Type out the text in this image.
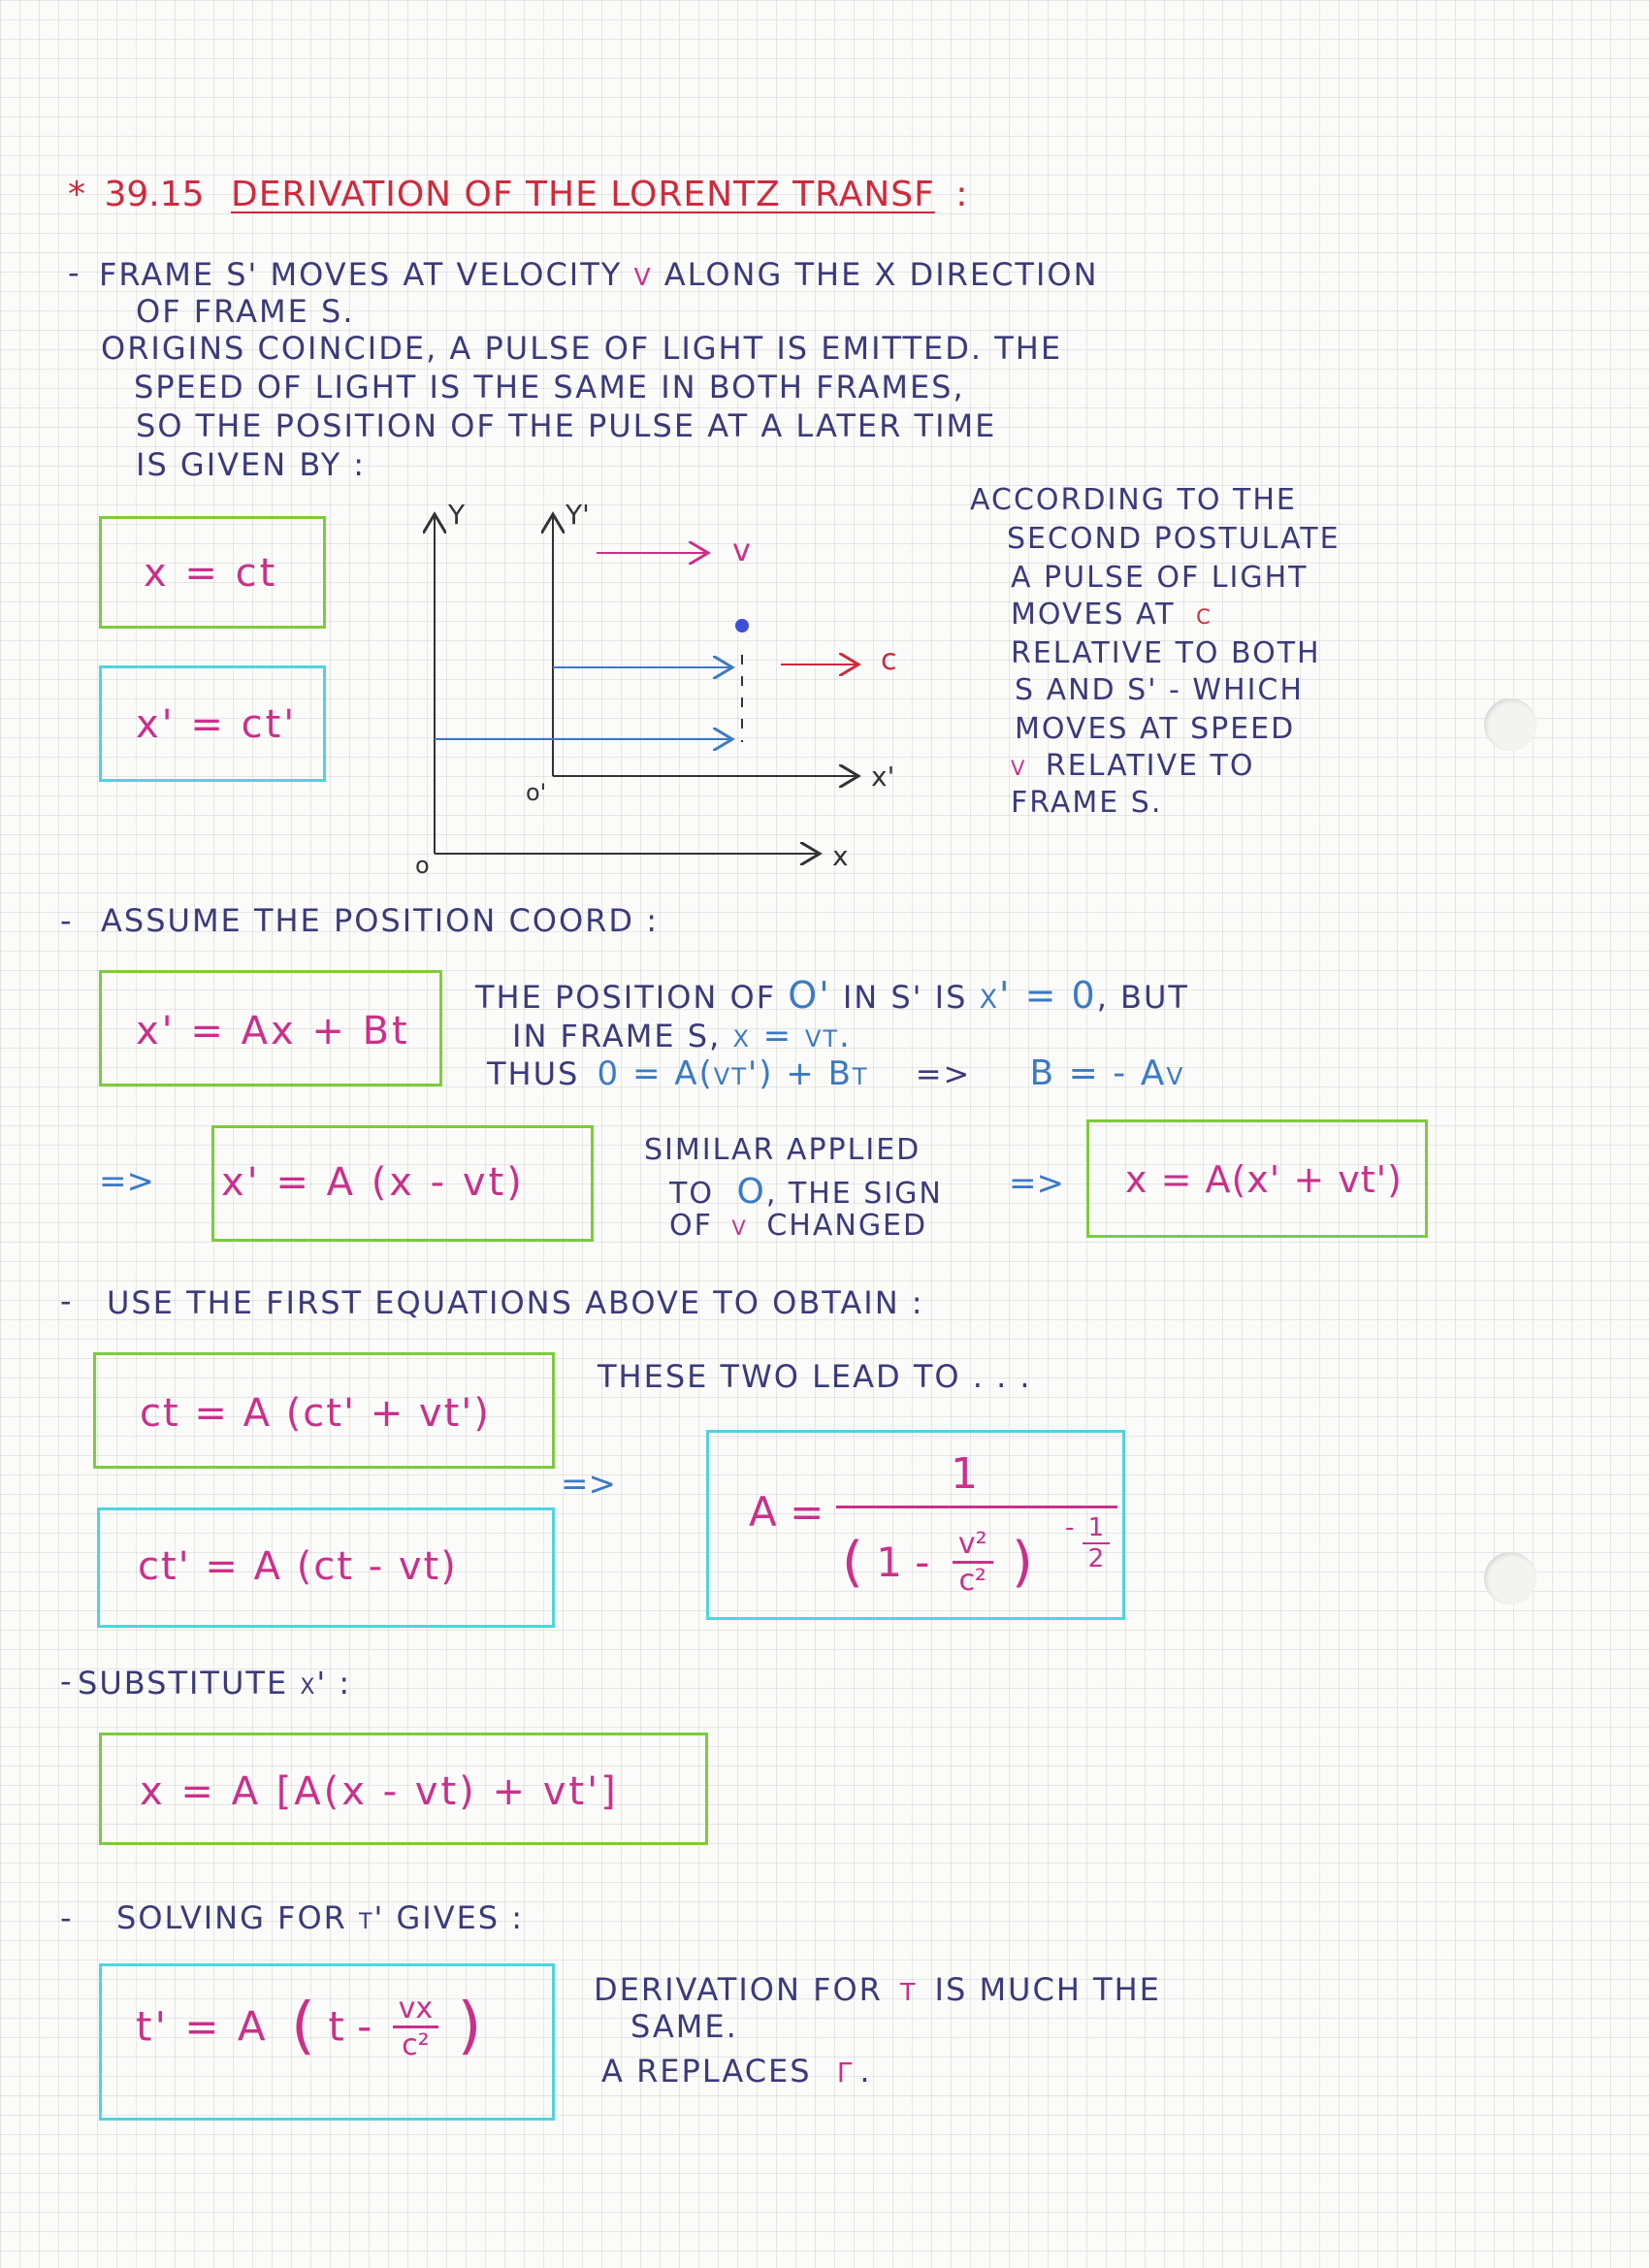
* 39.15 DERIVATION OF THE LORENTZ TRANSF :
- FRAME S' MOVES AT VELOCITY v ALONG THE X DIRECTION
OF FRAME S.
ORIGINS COINCIDE, A PULSE OF LIGHT IS EMITTED. THE
SPEED OF LIGHT IS THE SAME IN BOTH FRAMES,
SO THE POSITION OF THE PULSE AT A LATER TIME
IS GIVEN BY :
x = ct
x' = ct'
Y	Y'
v
c
x'
x
o
o'
ACCORDING TO THE
SECOND POSTULATE
A PULSE OF LIGHT
MOVES AT c
RELATIVE TO BOTH
S AND S' - WHICH
MOVES AT SPEED
v RELATIVE TO
FRAME S.
- ASSUME THE POSITION COORD :
x' = Ax + Bt
THE POSITION OF O' IN S' IS x' = 0, BUT
IN FRAME S, x = vt.
THUS 0 = A(vt') + Bt => B = - Av
=> x' = A (x - vt)
SIMILAR APPLIED
TO O, THE SIGN
OF v CHANGED
=> x = A(x' + vt')
- USE THE FIRST EQUATIONS ABOVE TO OBTAIN :
ct = A (ct' + vt')
ct' = A (ct - vt)
THESE TWO LEAD TO . . .
=>
A =
1
( $1 - \frac{\text{v²}}{\text{c²}}$ )
- $\frac{1}{2}$
- SUBSTITUTE x' :
x = A [A(x - vt) + vt']
- SOLVING FOR t' GIVES :
t' = A ( t - $\frac{vx}{\text{c²}}$ )
DERIVATION FOR t IS MUCH THE
SAME.
A REPLACES γ .
